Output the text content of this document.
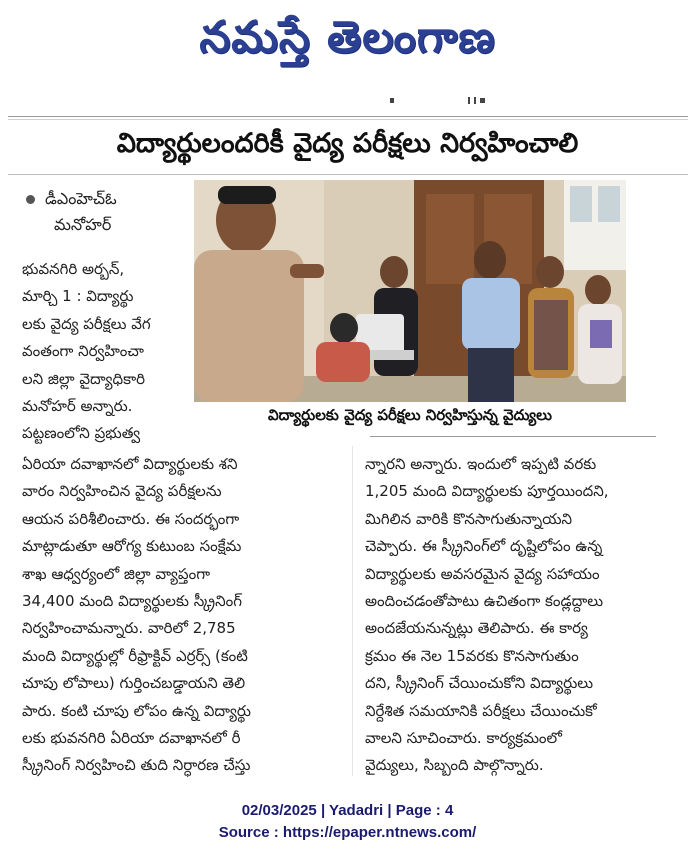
నమస్తే తెలంగాణ
విద్యార్థులందరికీ వైద్య పరీక్షలు నిర్వహించాలి
డీఎంహెచ్‌ఓ
మనోహర్
విద్యార్థులకు వైద్య పరీక్షలు నిర్వహిస్తున్న వైద్యులు
భువనగిరి అర్బన్,
మార్చి 1 : విద్యార్థు
లకు వైద్య పరీక్షలు వేగ
వంతంగా నిర్వహించా
లని జిల్లా వైద్యాధికారి
మనోహర్ అన్నారు.
పట్టణంలోని ప్రభుత్వ
ఏరియా దవాఖానలో విద్యార్థులకు శని
వారం నిర్వహించిన వైద్య పరీక్షలను
ఆయన పరిశీలించారు. ఈ సందర్భంగా
మాట్లాడుతూ ఆరోగ్య కుటుంబ సంక్షేమ
శాఖ ఆధ్వర్యంలో జిల్లా వ్యాప్తంగా
34,400 మంది విద్యార్థులకు స్క్రీనింగ్
నిర్వహించామన్నారు. వారిలో 2,785
మంది విద్యార్థుల్లో రీఫ్రాక్టివ్ ఎర్రర్స్ (కంటి
చూపు లోపాలు) గుర్తించబడ్డాయని తెలి
పారు. కంటి చూపు లోపం ఉన్న విద్యార్థు
లకు భువనగిరి ఏరియా దవాఖానలో రీ
స్క్రీనింగ్ నిర్వహించి తుది నిర్ధారణ చేస్తు
న్నారని అన్నారు. ఇందులో ఇప్పటి వరకు
1,205 మంది విద్యార్థులకు పూర్తయిందని,
మిగిలిన వారికి కొనసాగుతున్నాయని
చెప్పారు. ఈ స్క్రీనింగ్‌లో దృష్టిలోపం ఉన్న
విద్యార్థులకు అవసరమైన వైద్య సహాయం
అందించడంతోపాటు ఉచితంగా కండ్లద్దాలు
అందజేయనున్నట్లు తెలిపారు. ఈ కార్య
క్రమం ఈ నెల 15వరకు కొనసాగుతుం
దని, స్క్రీనింగ్ చేయించుకోని విద్యార్థులు
నిర్దేశిత సమయానికి పరీక్షలు చేయించుకో
వాలని సూచించారు. కార్యక్రమంలో
వైద్యులు, సిబ్బంది పాల్గొన్నారు.
02/03/2025 | Yadadri | Page : 4
Source : https://epaper.ntnews.com/
